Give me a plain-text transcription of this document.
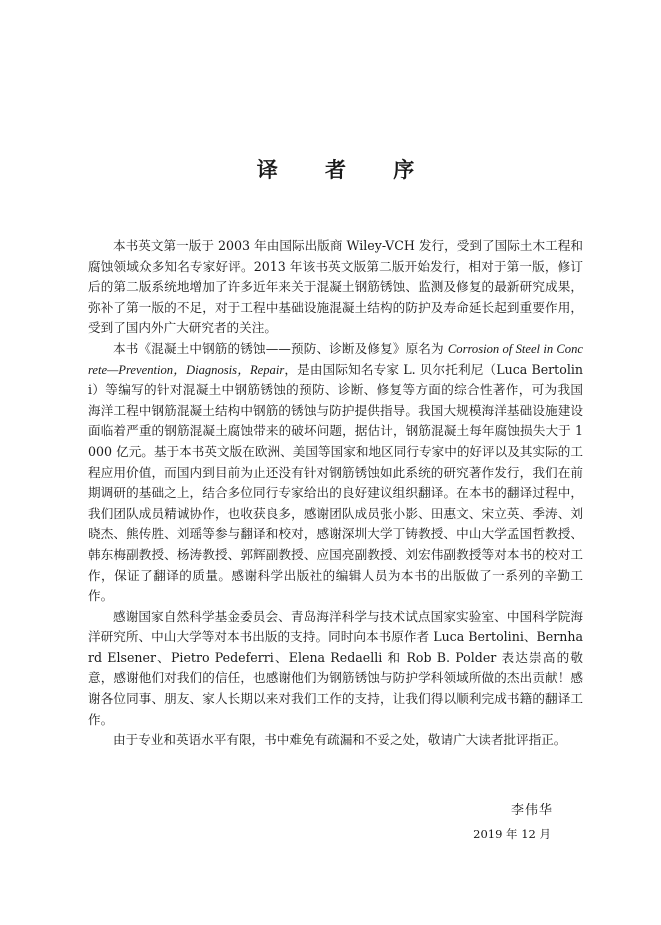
译 者 序

本书英文第一版于 2003 年由国际出版商 Wiley-VCH 发行，受到了国际土木工程和腐蚀领域众多知名专家好评。2013 年该书英文版第二版开始发行，相对于第一版，修订后的第二版系统地增加了许多近年来关于混凝土钢筋锈蚀、监测及修复的最新研究成果，弥补了第一版的不足，对于工程中基础设施混凝土结构的防护及寿命延长起到重要作用，受到了国内外广大研究者的关注。

本书《混凝土中钢筋的锈蚀——预防、诊断及修复》原名为 Corrosion of Steel in Concrete—Prevention，Diagnosis，Repair，是由国际知名专家 L. 贝尔托利尼（Luca Bertolini）等编写的针对混凝土中钢筋锈蚀的预防、诊断、修复等方面的综合性著作，可为我国海洋工程中钢筋混凝土结构中钢筋的锈蚀与防护提供指导。我国大规模海洋基础设施建设面临着严重的钢筋混凝土腐蚀带来的破坏问题，据估计，钢筋混凝土每年腐蚀损失大于 1000 亿元。基于本书英文版在欧洲、美国等国家和地区同行专家中的好评以及其实际的工程应用价值，而国内到目前为止还没有针对钢筋锈蚀如此系统的研究著作发行，我们在前期调研的基础之上，结合多位同行专家给出的良好建议组织翻译。在本书的翻译过程中，我们团队成员精诚协作，也收获良多，感谢团队成员张小影、田惠文、宋立英、季涛、刘晓杰、熊传胜、刘瑶等参与翻译和校对，感谢深圳大学丁铸教授、中山大学孟国哲教授、韩东梅副教授、杨涛教授、郭辉副教授、应国亮副教授、刘宏伟副教授等对本书的校对工作，保证了翻译的质量。感谢科学出版社的编辑人员为本书的出版做了一系列的辛勤工作。

感谢国家自然科学基金委员会、青岛海洋科学与技术试点国家实验室、中国科学院海洋研究所、中山大学等对本书出版的支持。同时向本书原作者 Luca Bertolini、Bernhard Elsener、Pietro Pedeferri、Elena Redaelli 和 Rob B. Polder 表达崇高的敬意，感谢他们对我们的信任，也感谢他们为钢筋锈蚀与防护学科领域所做的杰出贡献！感谢各位同事、朋友、家人长期以来对我们工作的支持，让我们得以顺利完成书籍的翻译工作。

由于专业和英语水平有限，书中难免有疏漏和不妥之处，敬请广大读者批评指正。

李伟华
2019 年 12 月
